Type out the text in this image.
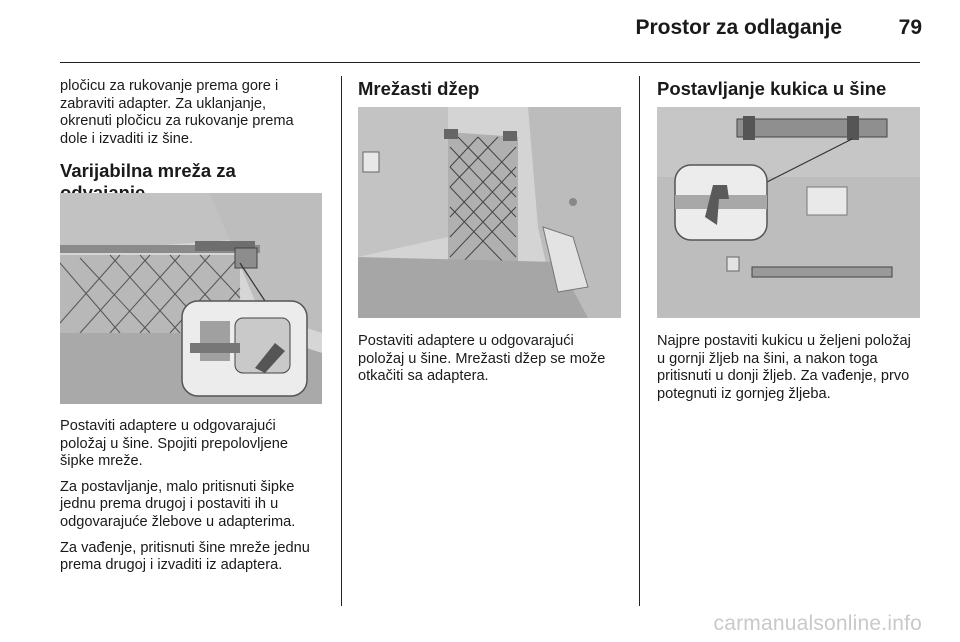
Prostor za odlaganje	79

pločicu za rukovanje prema gore i zabraviti adapter. Za uklanjanje, okrenuti pločicu za rukovanje prema dole i izvaditi iz šine.

Varijabilna mreža za

Postaviti adaptere u odgovarajući položaj u šine. Spojiti prepolovljene šipke mreže.

Za postavljanje, malo pritisnuti šipke jednu prema drugoj i postaviti ih u odgovarajuće žlebove u adapterima.

Za vađenje, pritisnuti šine mreže jednu prema drugoj i izvaditi iz adaptera.

Mrežasti džep

Postaviti adaptere u odgovarajući položaj u šine. Mrežasti džep se može otkačiti sa adaptera.

Postavljanje kukica u šine

Najpre postaviti kukicu u željeni položaj u gornji žljeb na šini, a nakon toga pritisnuti u donji žljeb. Za vađenje, prvo potegnuti iz gornjeg žljeba.

carmanualsonline.info
